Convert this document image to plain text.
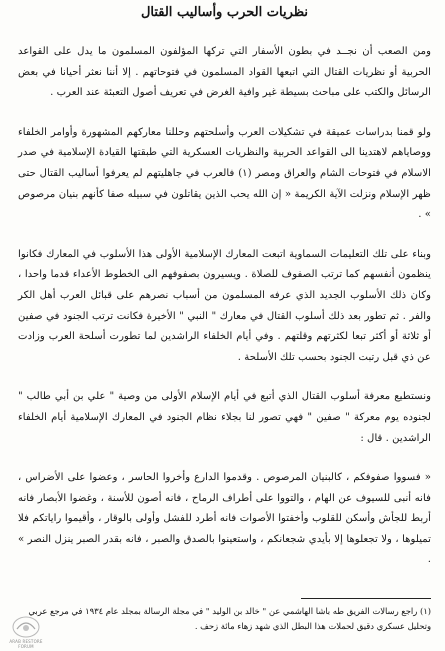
نظريات الحرب وأساليب القتال

ومن الصعب أن نجــد في بطون الأسفار التي تركها المؤلفون المسلمون ما يدل على القواعد الحربية أو نظريات القتال التي اتبعها القواد المسلمون في فتوحاتهم . إلا أننا نعثر أحيانا في بعض الرسائل والكتب على مباحث بسيطة غير وافية الغرض في تعريف أصول التعبئة عند العرب .

ولو قمنا بدراسات عميقة في تشكيلات العرب وأسلحتهم وحللنا معاركهم المشهورة وأوامر الخلفاء ووصاياهم لاهتدينا الى القواعد الحربية والنظريات العسكرية التي طبقتها القيادة الإسلامية في صدر الاسلام في فتوحات الشام والعراق ومصر (١) فالعرب في جاهليتهم لم يعرفوا أساليب القتال حتى ظهر الإسلام ونزلت الآية الكريمة « إن الله يحب الذين يقاتلون في سبيله صفا كأنهم بنيان مرصوص » .

وبناء على تلك التعليمات السماوية اتبعت المعارك الإسلامية الأولى هذا الأسلوب في المعارك فكانوا ينظمون أنفسهم كما ترتب الصفوف للصلاة . ويسيرون بصفوفهم الى الخطوط الأعداء قدما واحدا ، وكان ذلك الأسلوب الجديد الذي عرفه المسلمون من أسباب نصرهم على قبائل العرب أهل الكر والفر . ثم تطور بعد ذلك أسلوب القتال في معارك " النبي " الأخيرة فكانت ترتب الجنود في صفين أو ثلاثة أو أكثر تبعا لكثرتهم وقلتهم . وفي أيام الخلفاء الراشدين لما تطورت أسلحة العرب وزادت عن ذي قبل رتبت الجنود بحسب تلك الأسلحة .

ونستطيع معرفة أسلوب القتال الذي أتبع في أيام الإسلام الأولى من وصية " علي بن أبي طالب " لجنوده يوم معركة " صفين " فهي تصور لنا بجلاء نظام الجنود في المعارك الإسلامية أيام الخلفاء الراشدين . قال :

« فسووا صفوفكم ، كالبنيان المرصوص . وقدموا الدارع وأخروا الحاسر ، وعضوا على الأضراس ، فانه أنبى للسيوف عن الهام ، والتووا على أطراف الرماح ، فانه أصون للأسنة ، وغضوا الأبصار فانه أربط للجأش وأسكن للقلوب وأخفتوا الأصوات فانه أطرد للفشل وأولى بالوقار ، وأقيموا راياتكم فلا تميلوها ، ولا تجعلوها إلا بأيدي شجعانكم ، واستعينوا بالصدق والصبر ، فانه بقدر الصبر ينزل النصر » .

(١) راجع رسالات الفريق طه باشا الهاشمي عن " خالد بن الوليد " في مجلة الرسالة بمجلد عام ١٩٣٤ في مرجع عربي
وتحليل عسكري دقيق لحملات هذا البطل الذي شهد زهاء مائة زحف .
ARAB RESTORE FORUM
